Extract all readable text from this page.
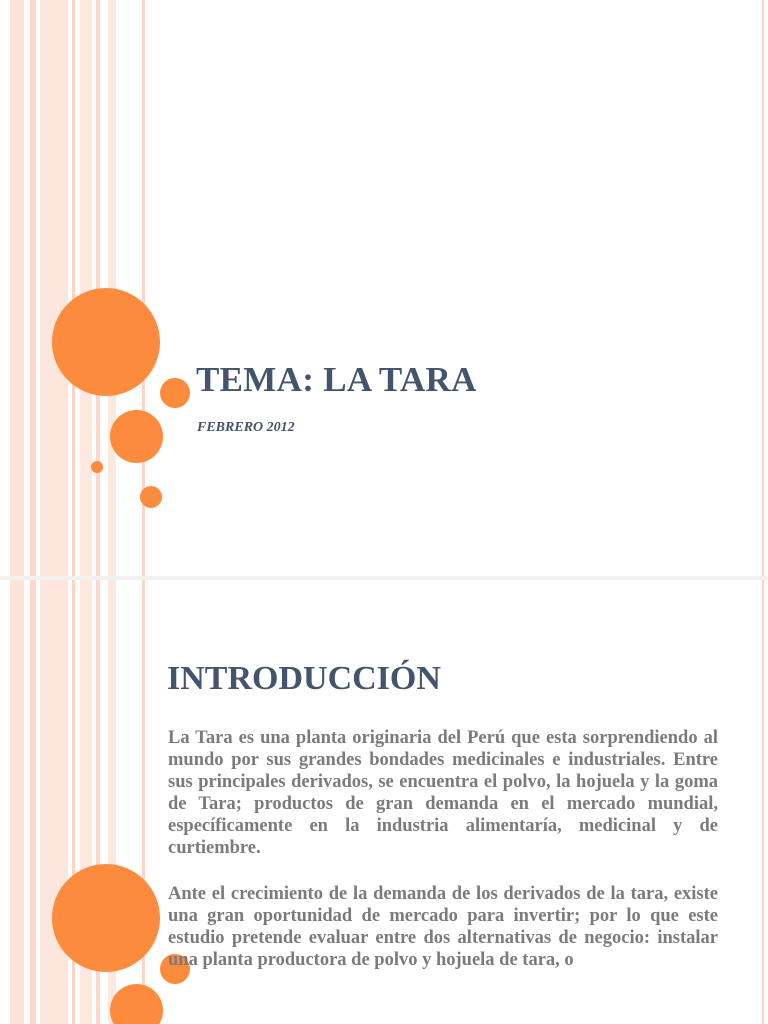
TEMA: LA TARA
FEBRERO 2012
INTRODUCCIÓN

La Tara es una planta originaria del Perú que esta sorprendiendo al mundo por sus grandes bondades medicinales e industriales. Entre sus principales derivados, se encuentra el polvo, la hojuela y la goma de Tara; productos de gran demanda en el mercado mundial, específicamente en la industria alimentaría, medicinal y de curtiembre.

Ante el crecimiento de la demanda de los derivados de la tara, existe una gran oportunidad de mercado para invertir; por lo que este estudio pretende evaluar entre dos alternativas de negocio: instalar una planta productora de polvo y hojuela de tara, o
